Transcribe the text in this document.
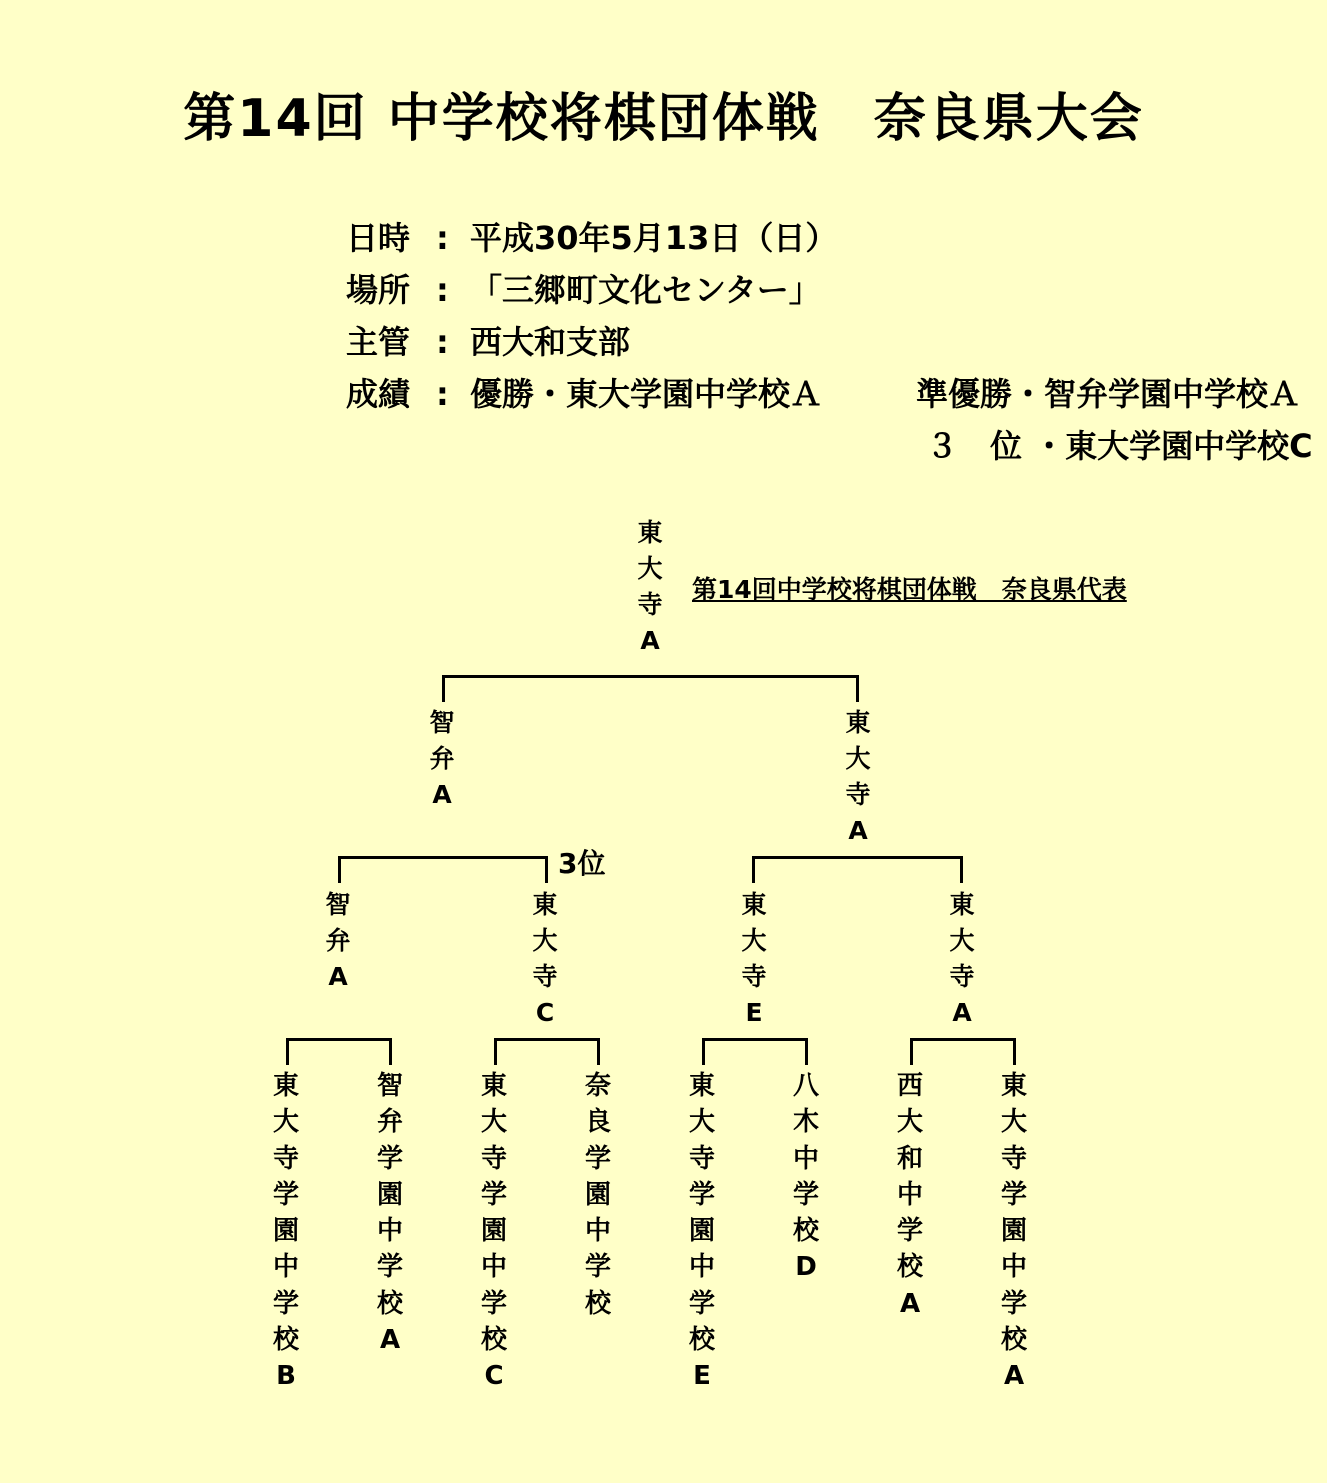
第14回 中学校将棋団体戦　奈良県大会
日時 : 平成30年5月13日（日）
場所 : 「三郷町文化センター」
主管 : 西大和支部
成績 : 優勝・東大学園中学校Ａ	準優勝・智弁学園中学校Ａ
３　位 ・東大学園中学校C
第14回中学校将棋団体戦　奈良県代表
3位
東
大
寺
A
智
弁
A
東
大
寺
A
智
弁
A
東
大
寺
C
東
大
寺
E
東
大
寺
A
東
大
寺
学
園
中
学
校
B
智
弁
学
園
中
学
校
A
東
大
寺
学
園
中
学
校
C
奈
良
学
園
中
学
校
東
大
寺
学
園
中
学
校
E
八
木
中
学
校
D
西
大
和
中
学
校
A
東
大
寺
学
園
中
学
校
A
